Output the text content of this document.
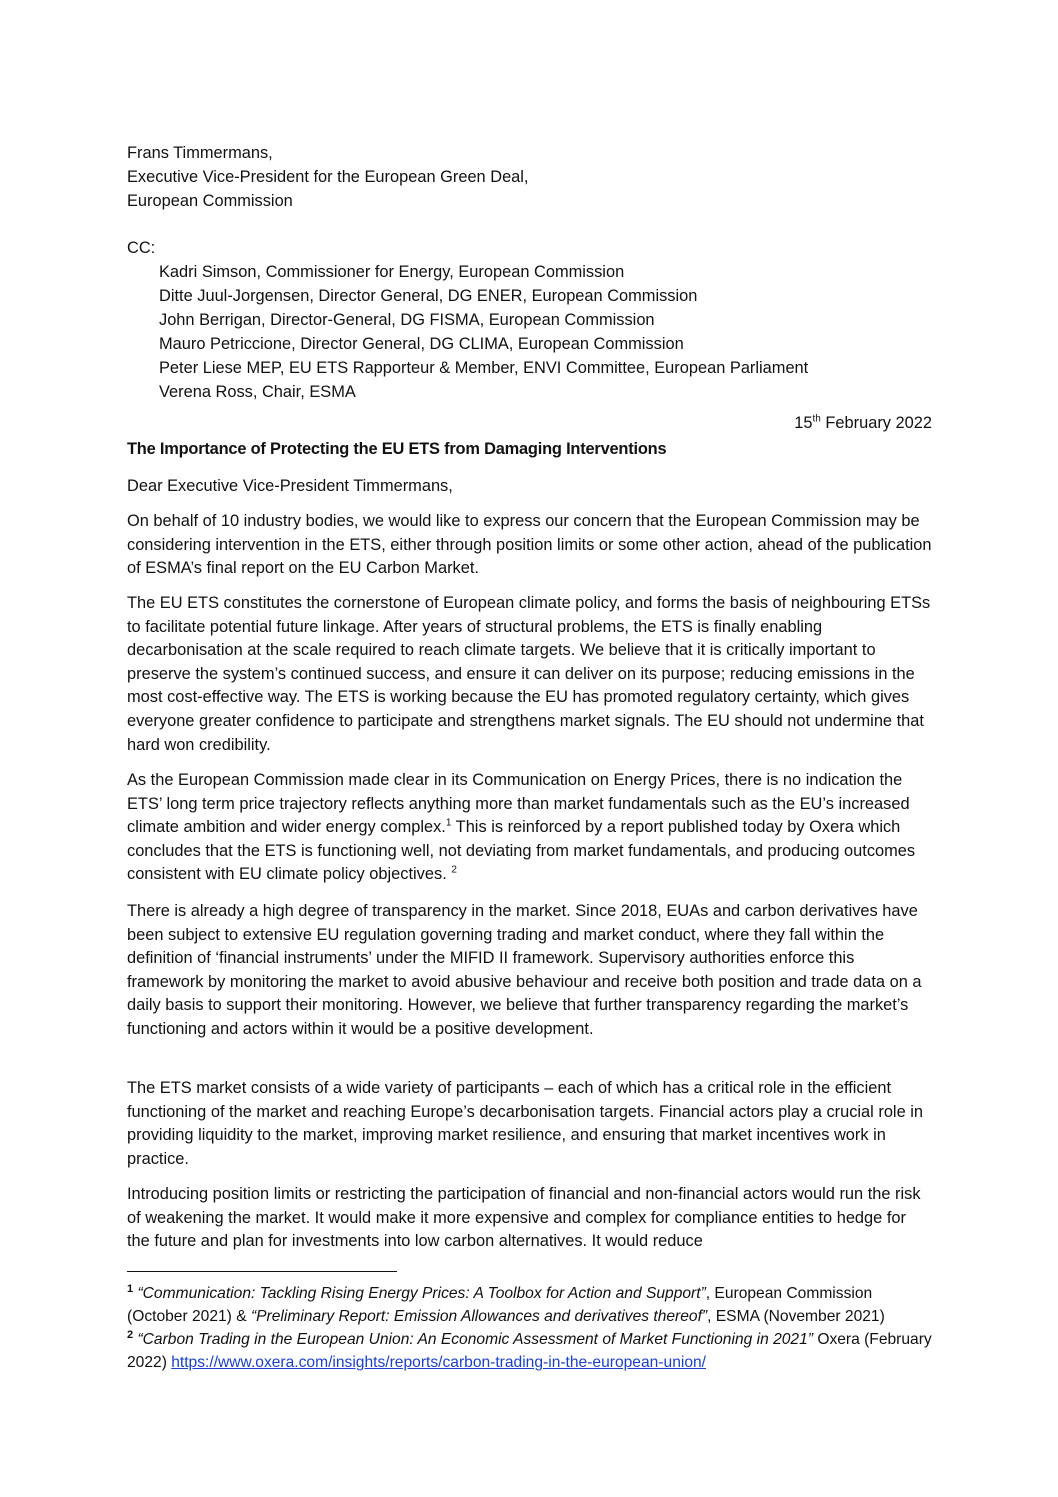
Frans Timmermans,
Executive Vice-President for the European Green Deal,
European Commission
CC:
Kadri Simson, Commissioner for Energy, European Commission
Ditte Juul-Jorgensen, Director General, DG ENER, European Commission
John Berrigan, Director-General, DG FISMA, European Commission
Mauro Petriccione, Director General, DG CLIMA, European Commission
Peter Liese MEP, EU ETS Rapporteur & Member, ENVI Committee, European Parliament
Verena Ross, Chair, ESMA
15th February 2022
The Importance of Protecting the EU ETS from Damaging Interventions
Dear Executive Vice-President Timmermans,
On behalf of 10 industry bodies, we would like to express our concern that the European Commission may be considering intervention in the ETS, either through position limits or some other action, ahead of the publication of ESMA’s final report on the EU Carbon Market.
The EU ETS constitutes the cornerstone of European climate policy, and forms the basis of neighbouring ETSs to facilitate potential future linkage. After years of structural problems, the ETS is finally enabling decarbonisation at the scale required to reach climate targets. We believe that it is critically important to preserve the system’s continued success, and ensure it can deliver on its purpose; reducing emissions in the most cost-effective way. The ETS is working because the EU has promoted regulatory certainty, which gives everyone greater confidence to participate and strengthens market signals. The EU should not undermine that hard won credibility.
As the European Commission made clear in its Communication on Energy Prices, there is no indication the ETS’ long term price trajectory reflects anything more than market fundamentals such as the EU’s increased climate ambition and wider energy complex.$^1$ This is reinforced by a report published today by Oxera which concludes that the ETS is functioning well, not deviating from market fundamentals, and producing outcomes consistent with EU climate policy objectives. $^2$
There is already a high degree of transparency in the market. Since 2018, EUAs and carbon derivatives have been subject to extensive EU regulation governing trading and market conduct, where they fall within the definition of ‘financial instruments’ under the MIFID II framework. Supervisory authorities enforce this framework by monitoring the market to avoid abusive behaviour and receive both position and trade data on a daily basis to support their monitoring. However, we believe that further transparency regarding the market’s functioning and actors within it would be a positive development.
The ETS market consists of a wide variety of participants – each of which has a critical role in the efficient functioning of the market and reaching Europe’s decarbonisation targets. Financial actors play a crucial role in providing liquidity to the market, improving market resilience, and ensuring that market incentives work in practice.
Introducing position limits or restricting the participation of financial and non-financial actors would run the risk of weakening the market. It would make it more expensive and complex for compliance entities to hedge for the future and plan for investments into low carbon alternatives. It would reduce
$^1$ “Communication: Tackling Rising Energy Prices: A Toolbox for Action and Support”, European Commission (October 2021) & “Preliminary Report: Emission Allowances and derivatives thereof”, ESMA (November 2021)
$^2$ “Carbon Trading in the European Union: An Economic Assessment of Market Functioning in 2021” Oxera (February 2022) https://www.oxera.com/insights/reports/carbon-trading-in-the-european-union/
